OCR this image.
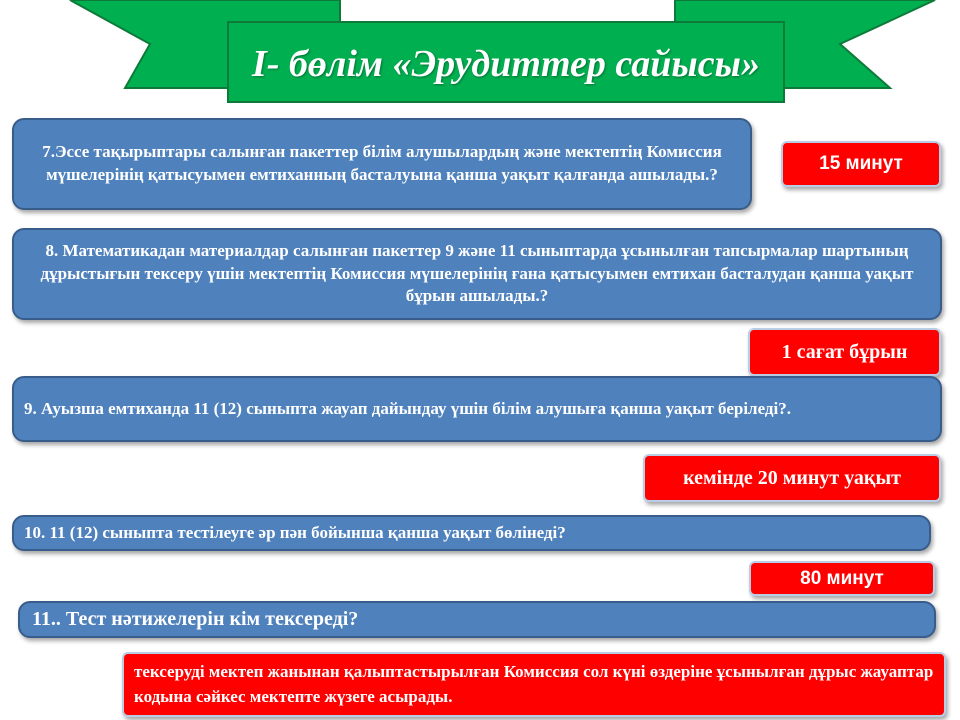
І- бөлім «Эрудиттер сайысы»
7.Эссе тақырыптары салынған пакеттер білім алушылардың және мектептің Комиссия мүшелерінің қатысуымен емтиханның басталуына қанша уақыт қалғанда ашылады.?
15 минут
8. Математикадан материалдар салынған пакеттер 9 және 11 сыныптарда ұсынылған тапсырмалар шартының дұрыстығын тексеру үшін мектептің Комиссия мүшелерінің ғана қатысуымен емтихан басталудан қанша уақыт бұрын ашылады.?
1 сағат бұрын
9. Ауызша емтиханда 11 (12) сыныпта жауап дайындау үшін білім алушыға қанша уақыт беріледі?.
кемінде 20 минут уақыт
10. 11 (12) сыныпта тестілеуге әр пән бойынша қанша уақыт бөлінеді?
80 минут
11.. Тест нәтижелерін кім тексереді?
тексеруді мектеп жанынан қалыптастырылған Комиссия сол күні өздеріне ұсынылған дұрыс жауаптар кодына сәйкес мектепте жүзеге асырады.
